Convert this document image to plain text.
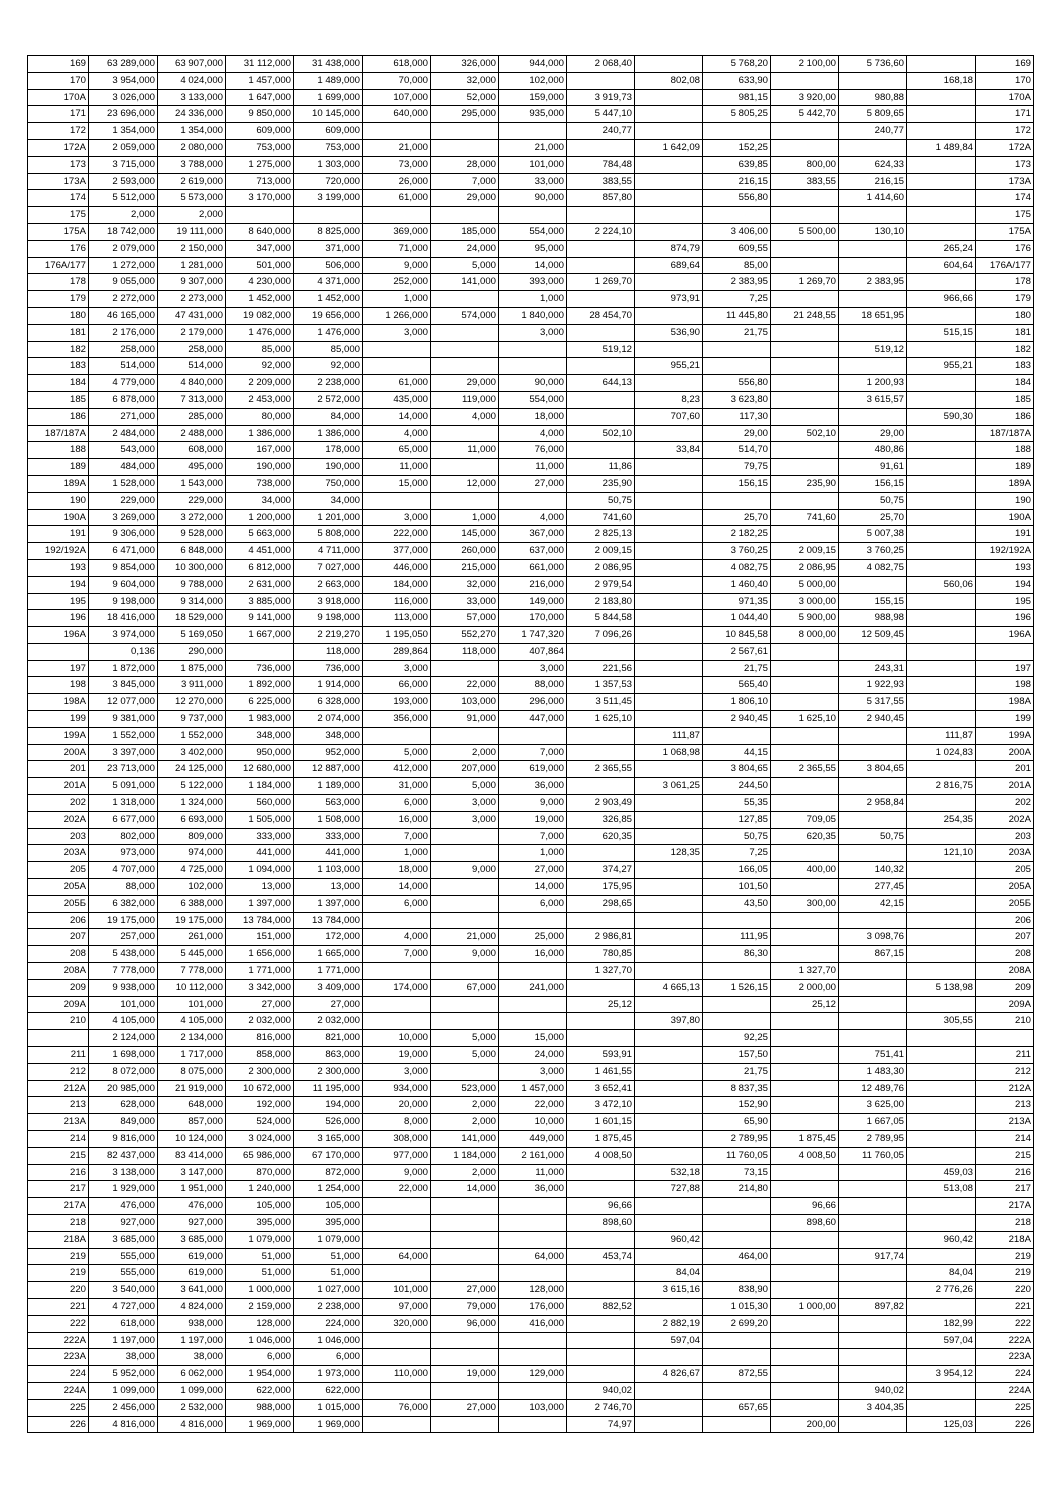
169	63 289,000	63 907,000	31 112,000	31 438,000	618,000	326,000	944,000	2 068,40		5 768,20	2 100,00	5 736,60		169
170	3 954,000	4 024,000	1 457,000	1 489,000	70,000	32,000	102,000		802,08	633,90			168,18	170
170A	3 026,000	3 133,000	1 647,000	1 699,000	107,000	52,000	159,000	3 919,73		981,15	3 920,00	980,88		170A
171	23 696,000	24 336,000	9 850,000	10 145,000	640,000	295,000	935,000	5 447,10		5 805,25	5 442,70	5 809,65		171
172	1 354,000	1 354,000	609,000	609,000				240,77				240,77		172
172A	2 059,000	2 080,000	753,000	753,000	21,000		21,000		1 642,09	152,25			1 489,84	172A
173	3 715,000	3 788,000	1 275,000	1 303,000	73,000	28,000	101,000	784,48		639,85	800,00	624,33		173
173A	2 593,000	2 619,000	713,000	720,000	26,000	7,000	33,000	383,55		216,15	383,55	216,15		173A
174	5 512,000	5 573,000	3 170,000	3 199,000	61,000	29,000	90,000	857,80		556,80		1 414,60		174
175	2,000	2,000												175
175A	18 742,000	19 111,000	8 640,000	8 825,000	369,000	185,000	554,000	2 224,10		3 406,00	5 500,00	130,10		175A
176	2 079,000	2 150,000	347,000	371,000	71,000	24,000	95,000		874,79	609,55			265,24	176
176A/177	1 272,000	1 281,000	501,000	506,000	9,000	5,000	14,000		689,64	85,00			604,64	176A/177
178	9 055,000	9 307,000	4 230,000	4 371,000	252,000	141,000	393,000	1 269,70		2 383,95	1 269,70	2 383,95		178
179	2 272,000	2 273,000	1 452,000	1 452,000	1,000		1,000		973,91	7,25			966,66	179
180	46 165,000	47 431,000	19 082,000	19 656,000	1 266,000	574,000	1 840,000	28 454,70		11 445,80	21 248,55	18 651,95		180
181	2 176,000	2 179,000	1 476,000	1 476,000	3,000		3,000		536,90	21,75			515,15	181
182	258,000	258,000	85,000	85,000				519,12				519,12		182
183	514,000	514,000	92,000	92,000					955,21				955,21	183
184	4 779,000	4 840,000	2 209,000	2 238,000	61,000	29,000	90,000	644,13		556,80		1 200,93		184
185	6 878,000	7 313,000	2 453,000	2 572,000	435,000	119,000	554,000		8,23	3 623,80		3 615,57		185
186	271,000	285,000	80,000	84,000	14,000	4,000	18,000		707,60	117,30			590,30	186
187/187A	2 484,000	2 488,000	1 386,000	1 386,000	4,000		4,000	502,10		29,00	502,10	29,00		187/187A
188	543,000	608,000	167,000	178,000	65,000	11,000	76,000		33,84	514,70		480,86		188
189	484,000	495,000	190,000	190,000	11,000		11,000	11,86		79,75		91,61		189
189A	1 528,000	1 543,000	738,000	750,000	15,000	12,000	27,000	235,90		156,15	235,90	156,15		189A
190	229,000	229,000	34,000	34,000				50,75				50,75		190
190A	3 269,000	3 272,000	1 200,000	1 201,000	3,000	1,000	4,000	741,60		25,70	741,60	25,70		190A
191	9 306,000	9 528,000	5 663,000	5 808,000	222,000	145,000	367,000	2 825,13		2 182,25		5 007,38		191
192/192A	6 471,000	6 848,000	4 451,000	4 711,000	377,000	260,000	637,000	2 009,15		3 760,25	2 009,15	3 760,25		192/192A
193	9 854,000	10 300,000	6 812,000	7 027,000	446,000	215,000	661,000	2 086,95		4 082,75	2 086,95	4 082,75		193
194	9 604,000	9 788,000	2 631,000	2 663,000	184,000	32,000	216,000	2 979,54		1 460,40	5 000,00		560,06	194
195	9 198,000	9 314,000	3 885,000	3 918,000	116,000	33,000	149,000	2 183,80		971,35	3 000,00	155,15		195
196	18 416,000	18 529,000	9 141,000	9 198,000	113,000	57,000	170,000	5 844,58		1 044,40	5 900,00	988,98		196
196A	3 974,000	5 169,050	1 667,000	2 219,270	1 195,050	552,270	1 747,320	7 096,26		10 845,58	8 000,00	12 509,45		196A
	0,136	290,000		118,000	289,864	118,000	407,864			2 567,61				
197	1 872,000	1 875,000	736,000	736,000	3,000		3,000	221,56		21,75		243,31		197
198	3 845,000	3 911,000	1 892,000	1 914,000	66,000	22,000	88,000	1 357,53		565,40		1 922,93		198
198A	12 077,000	12 270,000	6 225,000	6 328,000	193,000	103,000	296,000	3 511,45		1 806,10		5 317,55		198A
199	9 381,000	9 737,000	1 983,000	2 074,000	356,000	91,000	447,000	1 625,10		2 940,45	1 625,10	2 940,45		199
199A	1 552,000	1 552,000	348,000	348,000					111,87				111,87	199A
200A	3 397,000	3 402,000	950,000	952,000	5,000	2,000	7,000		1 068,98	44,15			1 024,83	200A
201	23 713,000	24 125,000	12 680,000	12 887,000	412,000	207,000	619,000	2 365,55		3 804,65	2 365,55	3 804,65		201
201A	5 091,000	5 122,000	1 184,000	1 189,000	31,000	5,000	36,000		3 061,25	244,50			2 816,75	201A
202	1 318,000	1 324,000	560,000	563,000	6,000	3,000	9,000	2 903,49		55,35		2 958,84		202
202A	6 677,000	6 693,000	1 505,000	1 508,000	16,000	3,000	19,000	326,85		127,85	709,05		254,35	202A
203	802,000	809,000	333,000	333,000	7,000		7,000	620,35		50,75	620,35	50,75		203
203A	973,000	974,000	441,000	441,000	1,000		1,000		128,35	7,25			121,10	203A
205	4 707,000	4 725,000	1 094,000	1 103,000	18,000	9,000	27,000	374,27		166,05	400,00	140,32		205
205A	88,000	102,000	13,000	13,000	14,000		14,000	175,95		101,50		277,45		205A
205Б	6 382,000	6 388,000	1 397,000	1 397,000	6,000		6,000	298,65		43,50	300,00	42,15		205Б
206	19 175,000	19 175,000	13 784,000	13 784,000										206
207	257,000	261,000	151,000	172,000	4,000	21,000	25,000	2 986,81		111,95		3 098,76		207
208	5 438,000	5 445,000	1 656,000	1 665,000	7,000	9,000	16,000	780,85		86,30		867,15		208
208A	7 778,000	7 778,000	1 771,000	1 771,000				1 327,70			1 327,70			208A
209	9 938,000	10 112,000	3 342,000	3 409,000	174,000	67,000	241,000		4 665,13	1 526,15	2 000,00		5 138,98	209
209A	101,000	101,000	27,000	27,000				25,12			25,12			209A
210	4 105,000	4 105,000	2 032,000	2 032,000					397,80				305,55	210
	2 124,000	2 134,000	816,000	821,000	10,000	5,000	15,000			92,25				
211	1 698,000	1 717,000	858,000	863,000	19,000	5,000	24,000	593,91		157,50		751,41		211
212	8 072,000	8 075,000	2 300,000	2 300,000	3,000		3,000	1 461,55		21,75		1 483,30		212
212A	20 985,000	21 919,000	10 672,000	11 195,000	934,000	523,000	1 457,000	3 652,41		8 837,35		12 489,76		212A
213	628,000	648,000	192,000	194,000	20,000	2,000	22,000	3 472,10		152,90		3 625,00		213
213A	849,000	857,000	524,000	526,000	8,000	2,000	10,000	1 601,15		65,90		1 667,05		213A
214	9 816,000	10 124,000	3 024,000	3 165,000	308,000	141,000	449,000	1 875,45		2 789,95	1 875,45	2 789,95		214
215	82 437,000	83 414,000	65 986,000	67 170,000	977,000	1 184,000	2 161,000	4 008,50		11 760,05	4 008,50	11 760,05		215
216	3 138,000	3 147,000	870,000	872,000	9,000	2,000	11,000		532,18	73,15			459,03	216
217	1 929,000	1 951,000	1 240,000	1 254,000	22,000	14,000	36,000		727,88	214,80			513,08	217
217A	476,000	476,000	105,000	105,000				96,66			96,66			217A
218	927,000	927,000	395,000	395,000				898,60			898,60			218
218A	3 685,000	3 685,000	1 079,000	1 079,000					960,42				960,42	218A
219	555,000	619,000	51,000	51,000	64,000		64,000	453,74		464,00		917,74		219
219	555,000	619,000	51,000	51,000					84,04				84,04	219
220	3 540,000	3 641,000	1 000,000	1 027,000	101,000	27,000	128,000		3 615,16	838,90			2 776,26	220
221	4 727,000	4 824,000	2 159,000	2 238,000	97,000	79,000	176,000	882,52		1 015,30	1 000,00	897,82		221
222	618,000	938,000	128,000	224,000	320,000	96,000	416,000		2 882,19	2 699,20			182,99	222
222A	1 197,000	1 197,000	1 046,000	1 046,000					597,04				597,04	222A
223A	38,000	38,000	6,000	6,000										223A
224	5 952,000	6 062,000	1 954,000	1 973,000	110,000	19,000	129,000		4 826,67	872,55			3 954,12	224
224A	1 099,000	1 099,000	622,000	622,000				940,02				940,02		224A
225	2 456,000	2 532,000	988,000	1 015,000	76,000	27,000	103,000	2 746,70		657,65		3 404,35		225
226	4 816,000	4 816,000	1 969,000	1 969,000				74,97			200,00		125,03	226
